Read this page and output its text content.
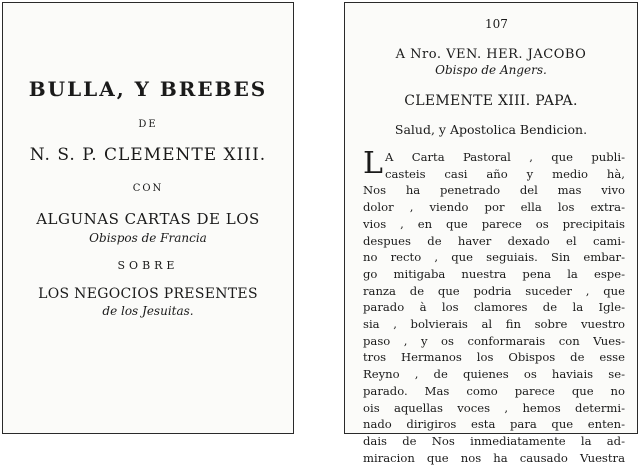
BULLA, Y BREBES
DE
N. S. P. CLEMENTE XIII.
CON
ALGUNAS CARTAS DE LOS
Obispos de Francia
SOBRE
LOS NEGOCIOS PRESENTES
de los Jesuitas.
107
A Nro. VEN. HER. JACOBO
Obispo de Angers.
CLEMENTE XIII. PAPA.
Salud, y Apostolica Bendicion.
L A Carta Pastoral , que publi-
casteis casi año y medio hà,
Nos ha penetrado del mas vivo
dolor , viendo por ella los extra-
vios , en que parece os precipitais
despues de haver dexado el cami-
no recto , que seguiais. Sin embar-
go mitigaba nuestra pena la espe-
ranza de que podria suceder , que
parado à los clamores de la Igle-
sia , bolvierais al fin sobre vuestro
paso , y os conformarais con Vues-
tros Hermanos los Obispos de esse
Reyno , de quienes os haviais se-
parado. Mas como parece que no
ois aquellas voces , hemos determi-
nado dirigiros esta para que enten-
dais de Nos inmediatamente la ad-
miracion que nos ha causado Vuestra
